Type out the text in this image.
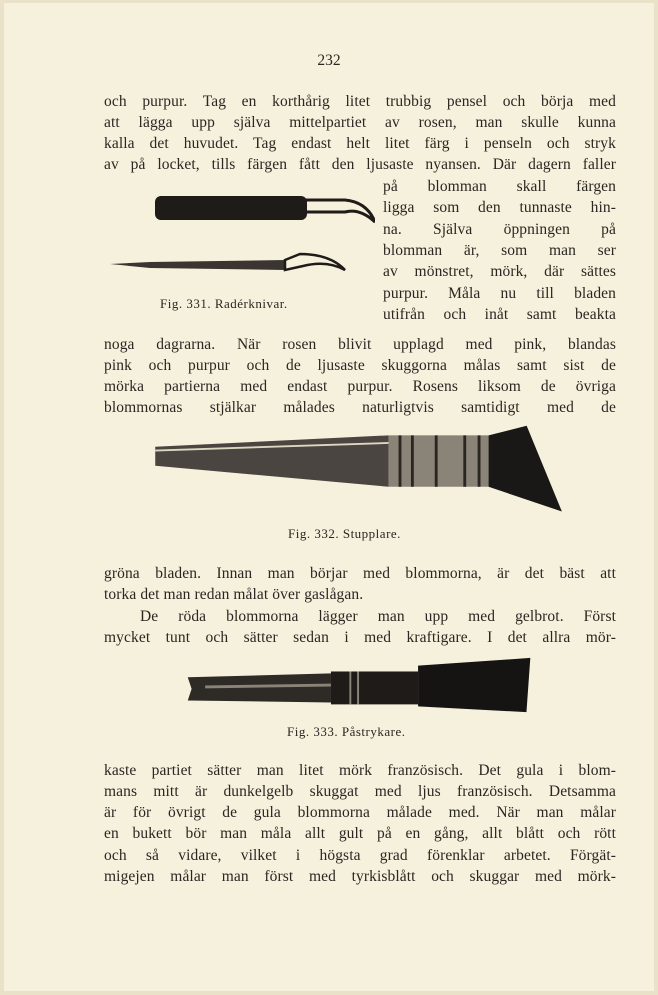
232
och purpur. Tag en korthårig litet trubbig pensel och börja med
att lägga upp själva mittelpartiet av rosen, man skulle kunna
kalla det huvudet. Tag endast helt litet färg i penseln och stryk
av på locket, tills färgen fått den ljusaste nyansen. Där dagern faller
på blomman skall färgen
ligga som den tunnaste hin-
na. Själva öppningen på
blomman är, som man ser
av mönstret, mörk, där sättes
purpur. Måla nu till bladen
utifrån och inåt samt beakta
Fig. 331. Radérknivar.
noga dagrarna. När rosen blivit upplagd med pink, blandas
pink och purpur och de ljusaste skuggorna målas samt sist de
mörka partierna med endast purpur. Rosens liksom de övriga
blommornas stjälkar målades naturligtvis samtidigt med de
Fig. 332. Stupplare.
gröna bladen. Innan man börjar med blommorna, är det bäst att
torka det man redan målat över gaslågan.
De röda blommorna lägger man upp med gelbrot. Först
mycket tunt och sätter sedan i med kraftigare. I det allra mör-
Fig. 333. Påstrykare.
kaste partiet sätter man litet mörk französisch. Det gula i blom-
mans mitt är dunkelgelb skuggat med ljus französisch. Detsamma
är för övrigt de gula blommorna målade med. När man målar
en bukett bör man måla allt gult på en gång, allt blått och rött
och så vidare, vilket i högsta grad förenklar arbetet. Förgät-
migejen målar man först med tyrkisblått och skuggar med mörk-
